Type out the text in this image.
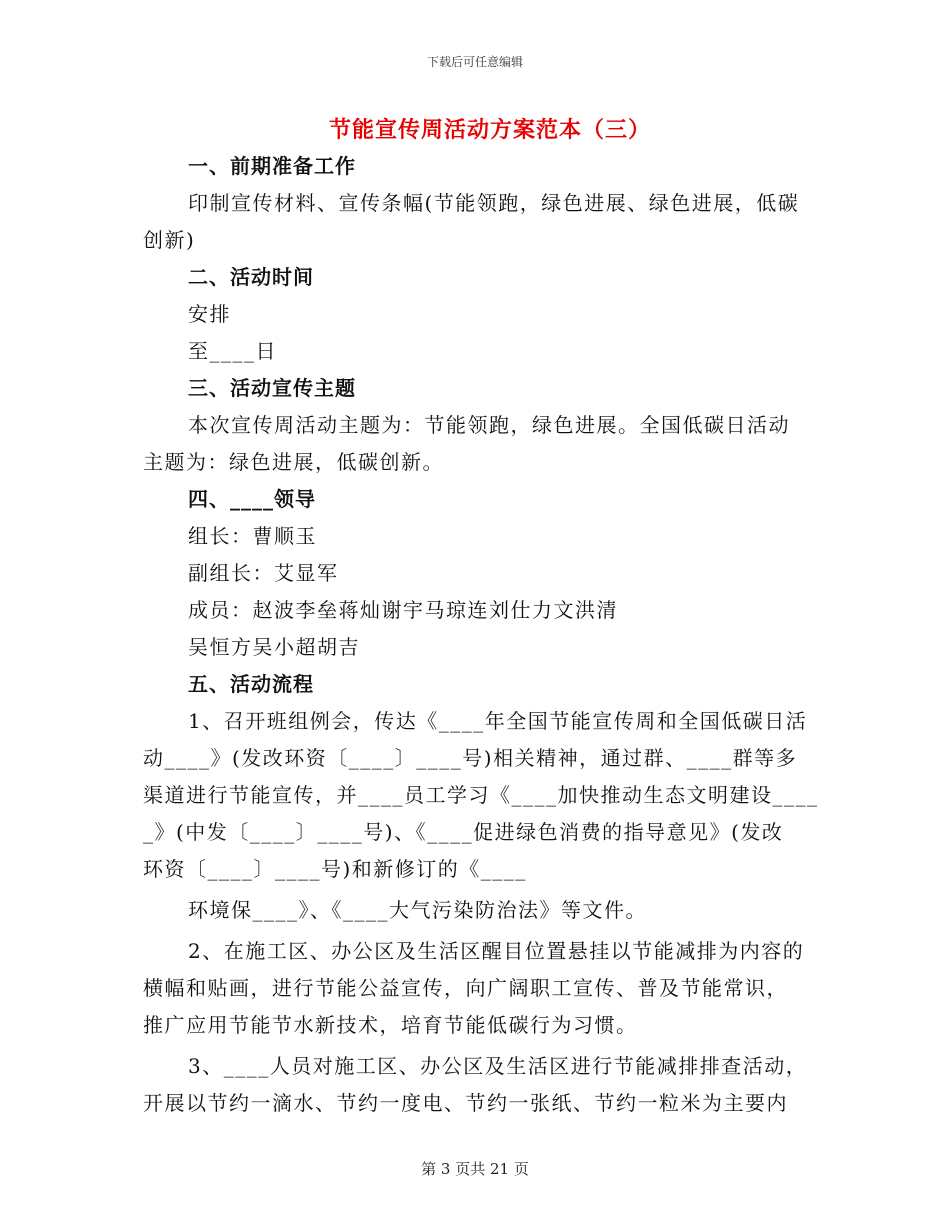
下载后可任意编辑
节能宣传周活动方案范本（三）
一、前期准备工作
印制宣传材料、宣传条幅(节能领跑，绿色进展、绿色进展，低碳
创新)
二、活动时间
安排
至____日
三、活动宣传主题
本次宣传周活动主题为：节能领跑，绿色进展。全国低碳日活动
主题为：绿色进展，低碳创新。
四、____领导
组长：曹顺玉
副组长：艾显军
成员：赵波李垒蒋灿谢宇马琼连刘仕力文洪清
吴恒方吴小超胡吉
五、活动流程
1、召开班组例会，传达《____年全国节能宣传周和全国低碳日活
动____》(发改环资〔____〕____号)相关精神，通过群、____群等多
渠道进行节能宣传，并____员工学习《____加快推动生态文明建设____
_》(中发〔____〕____号)、《____促进绿色消费的指导意见》(发改
环资〔____〕____号)和新修订的《____
环境保____》、《____大气污染防治法》等文件。
2、在施工区、办公区及生活区醒目位置悬挂以节能减排为内容的
横幅和贴画，进行节能公益宣传，向广阔职工宣传、普及节能常识，
推广应用节能节水新技术，培育节能低碳行为习惯。
3、____人员对施工区、办公区及生活区进行节能减排排查活动，
开展以节约一滴水、节约一度电、节约一张纸、节约一粒米为主要内
第 3 页共 21 页
